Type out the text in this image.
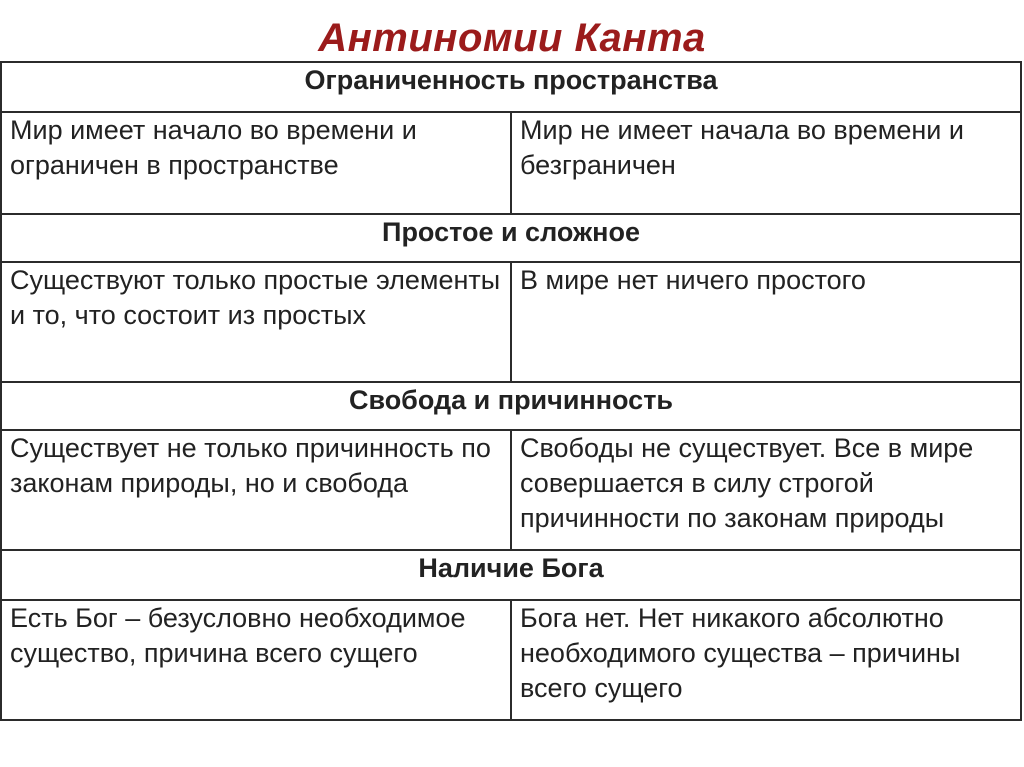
Антиномии Канта
Ограниченность пространства	
Мир имеет начало во времени и ограничен в пространстве	Мир не имеет начала во времени и безграничен
Простое и сложное	
Существуют только простые элементы и то, что состоит из простых	В мире нет ничего простого
Свобода и причинность	
Существует не только причинность по законам природы, но и свобода	Свободы не существует. Все в мире совершается в силу строгой причинности по законам природы
Наличие Бога	
Есть Бог – безусловно необходимое существо, причина всего сущего	Бога нет. Нет никакого абсолютно необходимого существа – причины всего сущего
